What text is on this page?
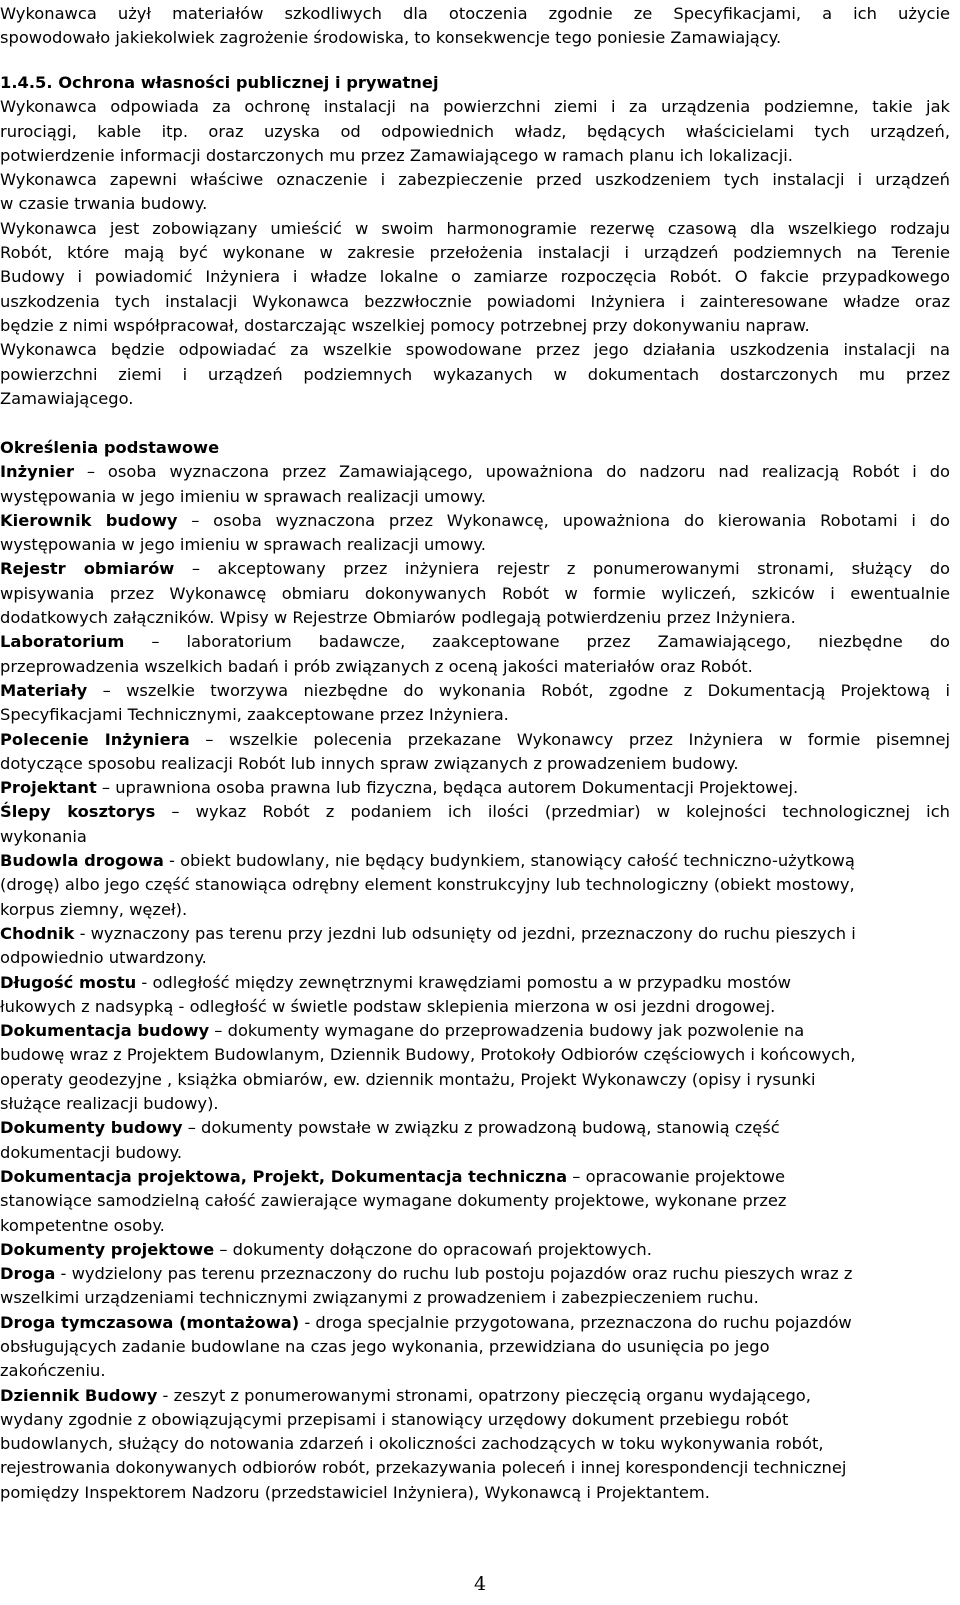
Wykonawca użył materiałów szkodliwych dla otoczenia zgodnie ze Specyfikacjami, a ich użycie
spowodowało jakiekolwiek zagrożenie środowiska, to konsekwencje tego poniesie Zamawiający.
1.4.5. Ochrona własności publicznej i prywatnej
Wykonawca odpowiada za ochronę instalacji na powierzchni ziemi i za urządzenia podziemne, takie jak
rurociągi, kable itp. oraz uzyska od odpowiednich władz, będących właścicielami tych urządzeń,
potwierdzenie informacji dostarczonych mu przez Zamawiającego w ramach planu ich lokalizacji.
Wykonawca zapewni właściwe oznaczenie i zabezpieczenie przed uszkodzeniem tych instalacji i urządzeń
w czasie trwania budowy.
Wykonawca jest zobowiązany umieścić w swoim harmonogramie rezerwę czasową dla wszelkiego rodzaju
Robót, które mają być wykonane w zakresie przełożenia instalacji i urządzeń podziemnych na Terenie
Budowy i powiadomić Inżyniera i władze lokalne o zamiarze rozpoczęcia Robót. O fakcie przypadkowego
uszkodzenia tych instalacji Wykonawca bezzwłocznie powiadomi Inżyniera i zainteresowane władze oraz
będzie z nimi współpracował, dostarczając wszelkiej pomocy potrzebnej przy dokonywaniu napraw.
Wykonawca będzie odpowiadać za wszelkie spowodowane przez jego działania uszkodzenia instalacji na
powierzchni ziemi i urządzeń podziemnych wykazanych w dokumentach dostarczonych mu przez
Zamawiającego.
Określenia podstawowe
Inżynier – osoba wyznaczona przez Zamawiającego, upoważniona do nadzoru nad realizacją Robót i do
występowania w jego imieniu w sprawach realizacji umowy.
Kierownik budowy – osoba wyznaczona przez Wykonawcę, upoważniona do kierowania Robotami i do
występowania w jego imieniu w sprawach realizacji umowy.
Rejestr obmiarów – akceptowany przez inżyniera rejestr z ponumerowanymi stronami, służący do
wpisywania przez Wykonawcę obmiaru dokonywanych Robót w formie wyliczeń, szkiców i ewentualnie
dodatkowych załączników. Wpisy w Rejestrze Obmiarów podlegają potwierdzeniu przez Inżyniera.
Laboratorium – laboratorium badawcze, zaakceptowane przez Zamawiającego, niezbędne do
przeprowadzenia wszelkich badań i prób związanych z oceną jakości materiałów oraz Robót.
Materiały – wszelkie tworzywa niezbędne do wykonania Robót, zgodne z Dokumentacją Projektową i
Specyfikacjami Technicznymi, zaakceptowane przez Inżyniera.
Polecenie Inżyniera – wszelkie polecenia przekazane Wykonawcy przez Inżyniera w formie pisemnej
dotyczące sposobu realizacji Robót lub innych spraw związanych z prowadzeniem budowy.
Projektant – uprawniona osoba prawna lub fizyczna, będąca autorem Dokumentacji Projektowej.
Ślepy kosztorys – wykaz Robót z podaniem ich ilości (przedmiar) w kolejności technologicznej ich
wykonania
Budowla drogowa - obiekt budowlany, nie będący budynkiem, stanowiący całość techniczno-użytkową
(drogę) albo jego część stanowiąca odrębny element konstrukcyjny lub technologiczny (obiekt mostowy,
korpus ziemny, węzeł).
Chodnik - wyznaczony pas terenu przy jezdni lub odsunięty od jezdni, przeznaczony do ruchu pieszych i
odpowiednio utwardzony.
Długość mostu - odległość między zewnętrznymi krawędziami pomostu a w przypadku mostów
łukowych z nadsypką - odległość w świetle podstaw sklepienia mierzona w osi jezdni drogowej.
Dokumentacja budowy – dokumenty wymagane do przeprowadzenia budowy jak pozwolenie na
budowę wraz z Projektem Budowlanym, Dziennik Budowy, Protokoły Odbiorów częściowych i końcowych,
operaty geodezyjne , książka obmiarów, ew. dziennik montażu, Projekt Wykonawczy (opisy i rysunki
służące realizacji budowy).
Dokumenty budowy – dokumenty powstałe w związku z prowadzoną budową, stanowią część
dokumentacji budowy.
Dokumentacja projektowa, Projekt, Dokumentacja techniczna – opracowanie projektowe
stanowiące samodzielną całość zawierające wymagane dokumenty projektowe, wykonane przez
kompetentne osoby.
Dokumenty projektowe – dokumenty dołączone do opracowań projektowych.
Droga - wydzielony pas terenu przeznaczony do ruchu lub postoju pojazdów oraz ruchu pieszych wraz z
wszelkimi urządzeniami technicznymi związanymi z prowadzeniem i zabezpieczeniem ruchu.
Droga tymczasowa (montażowa) - droga specjalnie przygotowana, przeznaczona do ruchu pojazdów
obsługujących zadanie budowlane na czas jego wykonania, przewidziana do usunięcia po jego
zakończeniu.
Dziennik Budowy - zeszyt z ponumerowanymi stronami, opatrzony pieczęcią organu wydającego,
wydany zgodnie z obowiązującymi przepisami i stanowiący urzędowy dokument przebiegu robót
budowlanych, służący do notowania zdarzeń i okoliczności zachodzących w toku wykonywania robót,
rejestrowania dokonywanych odbiorów robót, przekazywania poleceń i innej korespondencji technicznej
pomiędzy Inspektorem Nadzoru (przedstawiciel Inżyniera), Wykonawcą i Projektantem.
4
